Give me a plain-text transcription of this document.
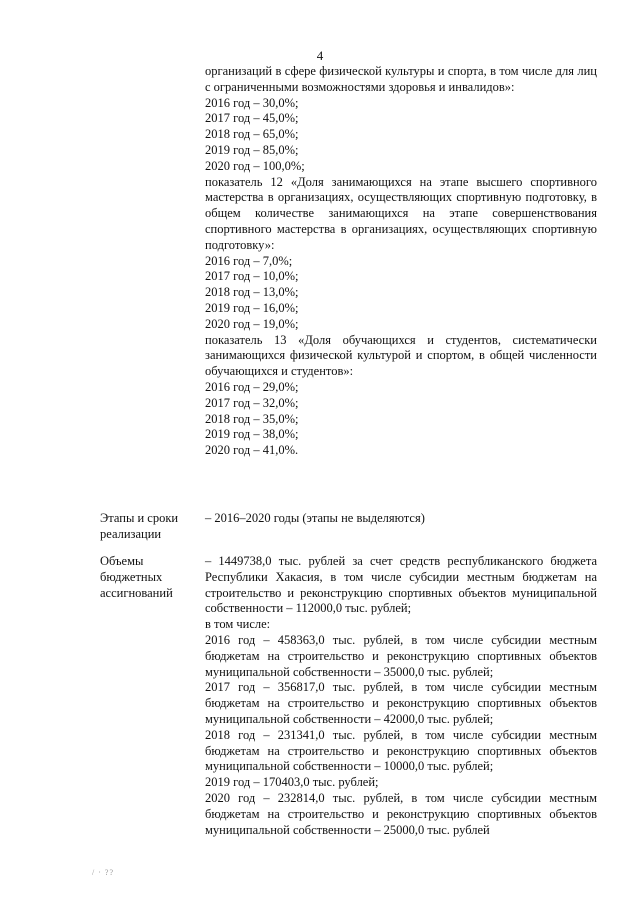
4
организаций в сфере физической культуры и спорта, в том числе для лиц с ограниченными возможностями здоровья и инвалидов»:
2016 год – 30,0%;
2017 год – 45,0%;
2018 год – 65,0%;
2019 год – 85,0%;
2020 год – 100,0%;
показатель 12 «Доля занимающихся на этапе высшего спортивного мастерства в организациях, осуществляющих спортивную подготовку, в общем количестве занимающихся на этапе совершенствования спортивного мастерства в организациях, осуществляющих спортивную подготовку»:
2016 год – 7,0%;
2017 год – 10,0%;
2018 год – 13,0%;
2019 год – 16,0%;
2020 год – 19,0%;
показатель 13 «Доля обучающихся и студентов, систематически занимающихся физической культурой и спортом, в общей численности обучающихся и студентов»:
2016 год – 29,0%;
2017 год – 32,0%;
2018 год – 35,0%;
2019 год – 38,0%;
2020 год – 41,0%.
Этапы и сроки реализации
– 2016–2020 годы (этапы не выделяются)
Объемы бюджетных ассигнований
– 1449738,0 тыс. рублей за счет средств республиканского бюджета Республики Хакасия, в том числе субсидии местным бюджетам на строительство и реконструкцию спортивных объектов муниципальной собственности – 112000,0 тыс. рублей;
в том числе:
2016 год – 458363,0 тыс. рублей, в том числе субсидии местным бюджетам на строительство и реконструкцию спортивных объектов муниципальной собственности – 35000,0 тыс. рублей;
2017 год – 356817,0 тыс. рублей, в том числе субсидии местным бюджетам на строительство и реконструкцию спортивных объектов муниципальной собственности – 42000,0 тыс. рублей;
2018 год – 231341,0 тыс. рублей, в том числе субсидии местным бюджетам на строительство и реконструкцию спортивных объектов муниципальной собственности – 10000,0 тыс. рублей;
2019 год – 170403,0 тыс. рублей;
2020 год – 232814,0 тыс. рублей, в том числе субсидии местным бюджетам на строительство и реконструкцию спортивных объектов муниципальной собственности – 25000,0 тыс. рублей
/ · ??
